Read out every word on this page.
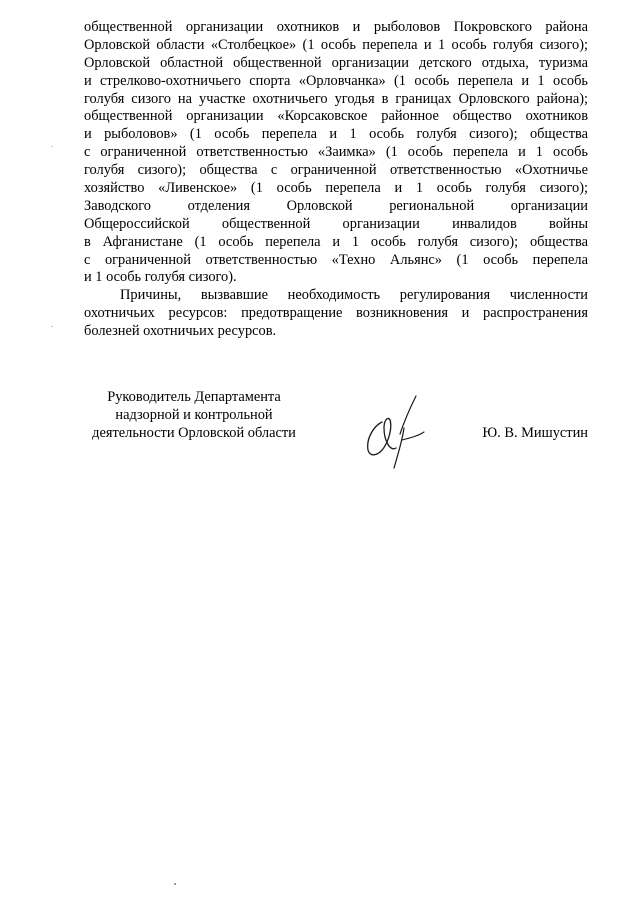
общественной организации охотников и рыболовов Покровского района
Орловской области «Столбецкое» (1 особь перепела и 1 особь голубя сизого);
Орловской областной общественной организации детского отдыха, туризма
и стрелково-охотничьего спорта «Орловчанка» (1 особь перепела и 1 особь
голубя сизого на участке охотничьего угодья в границах Орловского района);
общественной организации «Корсаковское районное общество охотников
и рыболовов» (1 особь перепела и 1 особь голубя сизого); общества
с ограниченной ответственностью «Заимка» (1 особь перепела и 1 особь
голубя сизого); общества с ограниченной ответственностью «Охотничье
хозяйство «Ливенское» (1 особь перепела и 1 особь голубя сизого);
Заводского отделения Орловской региональной организации
Общероссийской общественной организации инвалидов войны
в Афганистане (1 особь перепела и 1 особь голубя сизого); общества
с ограниченной ответственностью «Техно Альянс» (1 особь перепела
и 1 особь голубя сизого).
Причины, вызвавшие необходимость регулирования численности
охотничьих ресурсов: предотвращение возникновения и распространения
болезней охотничьих ресурсов.
Руководитель Департамента
надзорной и контрольной
деятельности Орловской области	Ю. В. Мишустин
